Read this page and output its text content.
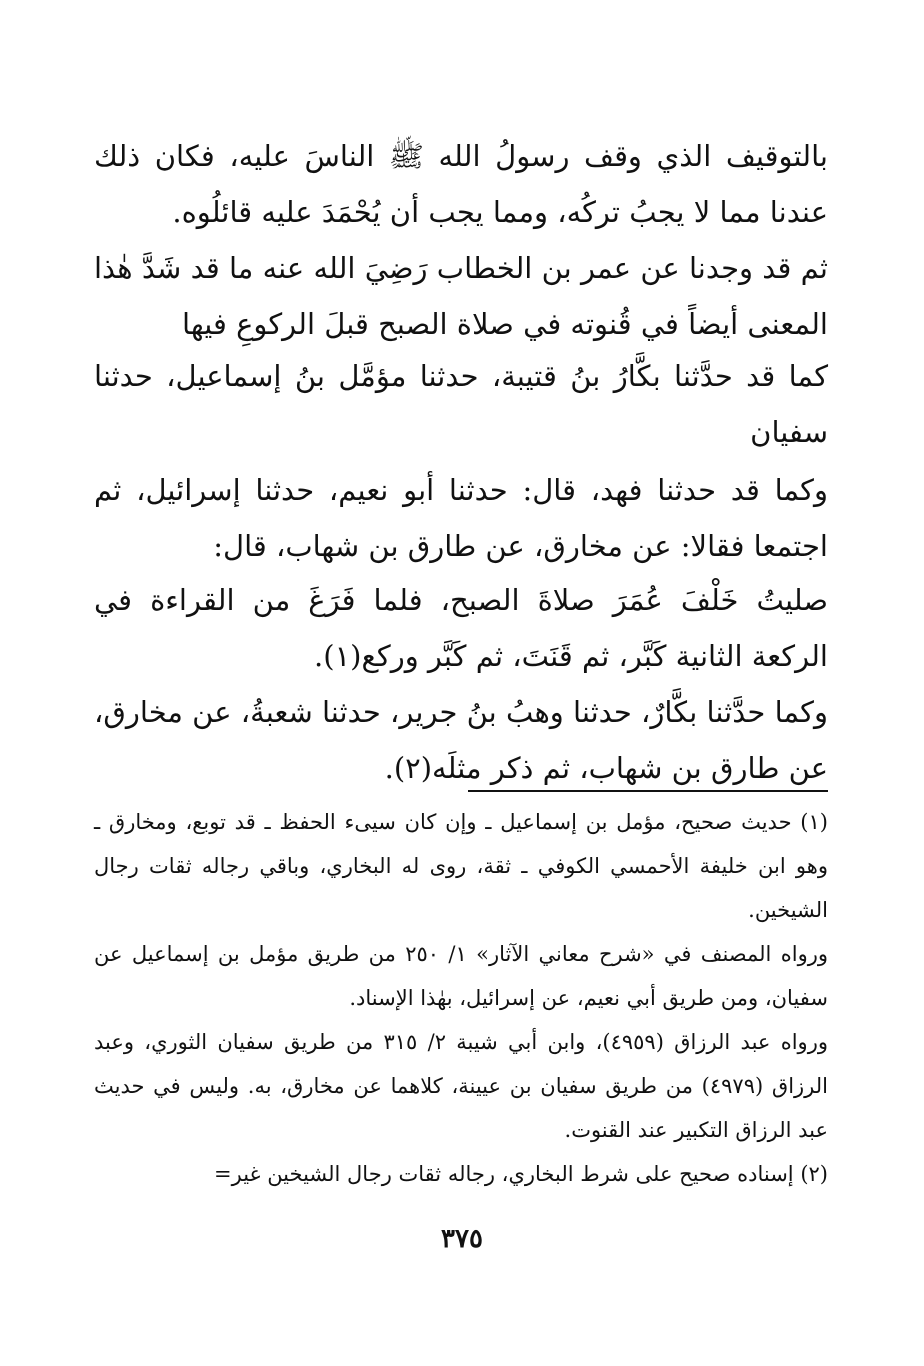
بالتوقيف الذي وقف رسولُ الله ﷺ الناسَ عليه، فكان ذلك عندنا مما لا يجبُ تركُه، ومما يجب أن يُحْمَدَ عليه قائلُوه.

ثم قد وجدنا عن عمر بن الخطاب رَضِيَ الله عنه ما قد شَدَّ هٰذا المعنى أيضاً في قُنوته في صلاة الصبح قبلَ الركوعِ فيها

كما قد حدَّثنا بكَّارُ بنُ قتيبة، حدثنا مؤمَّل بنُ إسماعيل، حدثنا سفيان

وكما قد حدثنا فهد، قال: حدثنا أبو نعيم، حدثنا إسرائيل، ثم اجتمعا فقالا: عن مخارق، عن طارق بن شهاب، قال:

صليتُ خَلْفَ عُمَرَ صلاةَ الصبح، فلما فَرَغَ من القراءة في الركعة الثانية كَبَّر، ثم قَنَتَ، ثم كَبَّر وركع(١).

وكما حدَّثنا بكَّارٌ، حدثنا وهبُ بنُ جرير، حدثنا شعبةُ، عن مخارق، عن طارق بن شهاب، ثم ذكر مثلَه(٢).

(١) حديث صحيح، مؤمل بن إسماعيل ـ وإن كان سيىء الحفظ ـ قد توبع، ومخارق ـ وهو ابن خليفة الأحمسي الكوفي ـ ثقة، روى له البخاري، وباقي رجاله ثقات رجال الشيخين.

ورواه المصنف في «شرح معاني الآثار» ١/ ٢٥٠ من طريق مؤمل بن إسماعيل عن سفيان، ومن طريق أبي نعيم، عن إسرائيل، بهٰذا الإسناد.

ورواه عبد الرزاق (٤٩٥٩)، وابن أبي شيبة ٢/ ٣١٥ من طريق سفيان الثوري، وعبد الرزاق (٤٩٧٩) من طريق سفيان بن عيينة، كلاهما عن مخارق، به. وليس في حديث عبد الرزاق التكبير عند القنوت.

(٢) إسناده صحيح على شرط البخاري، رجاله ثقات رجال الشيخين غير=

٣٧٥
